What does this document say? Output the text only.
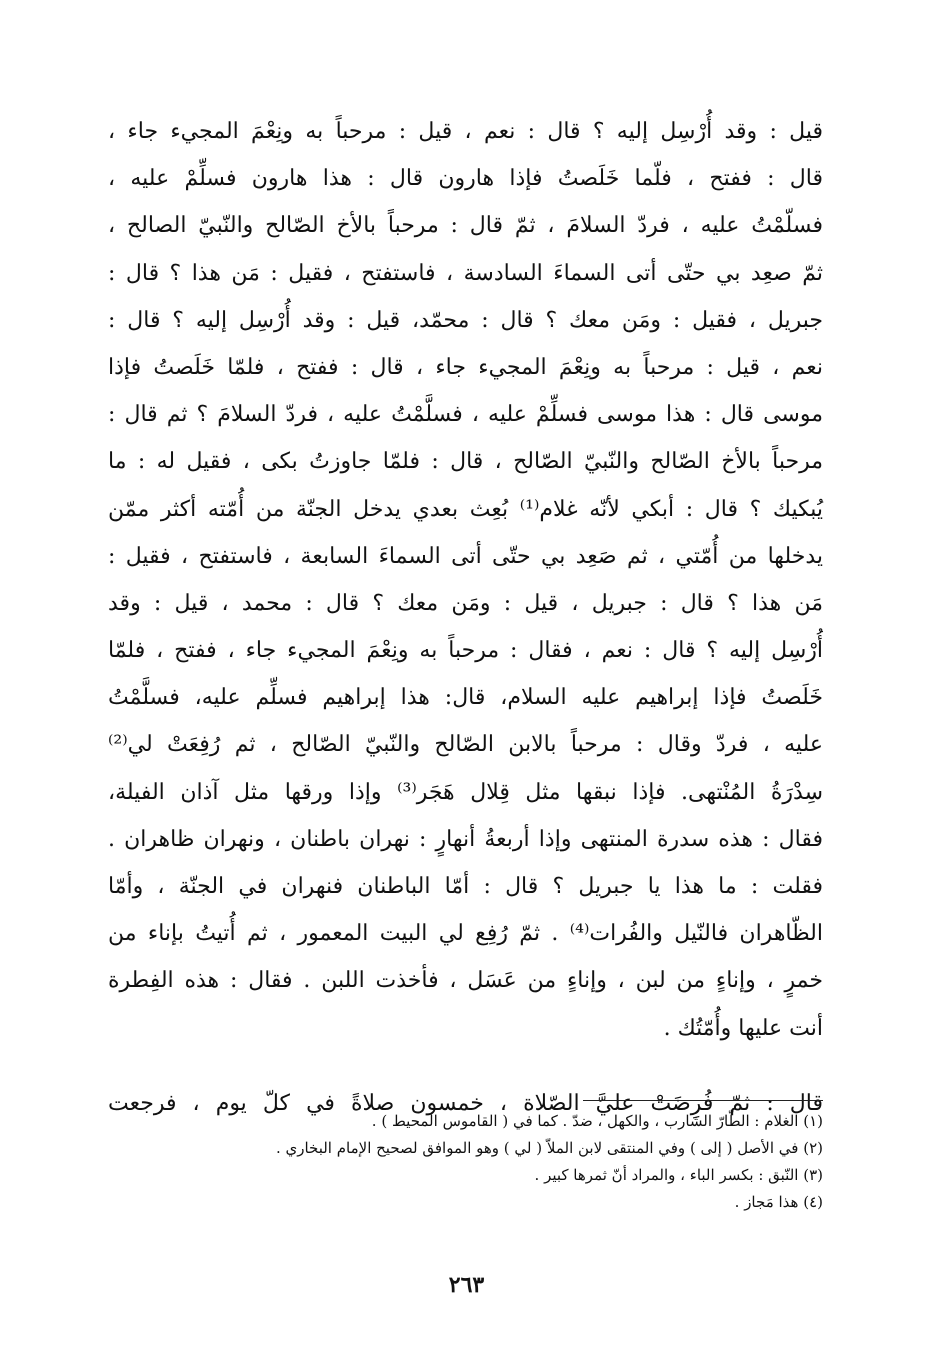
قيل : وقد أُرْسِل إليه ؟ قال : نعم ، قيل : مرحباً به ونِعْمَ المجيء جاء ،
قال : ففتح ، فلّما خَلَصتُ فإذا هارون قال : هذا هارون فسلِّمْ عليه ،
فسلّمْتُ عليه ، فردّ السلامَ ، ثمّ قال : مرحباً بالأخ الصّالح والنّبيّ الصالح ،
ثمّ صعِد بي حتّى أتى السماءَ السادسة ، فاستفتح ، فقيل : مَن هذا ؟ قال :
جبريل ، فقيل : ومَن معك ؟ قال : محمّد، قيل : وقد أُرْسِل إليه ؟ قال :
نعم ، قيل : مرحباً به ونِعْمَ المجيء جاء ، قال : ففتح ، فلمّا خَلَصتُ فإذا
موسى قال : هذا موسى فسلِّمْ عليه ، فسلَّمْتُ عليه ، فردّ السلامَ ؟ ثم قال :
مرحباً بالأخ الصّالح والنّبيّ الصّالح ، قال : فلمّا جاوزتُ بكى ، فقيل له : ما
يُبكيك ؟ قال : أبكي لأنّه غلام⁽¹⁾ بُعِث بعدي يدخل الجنّة من أُمّته أكثر ممّن
يدخلها من أُمّتي ، ثم صَعِد بي حتّى أتى السماءَ السابعة ، فاستفتح ، فقيل :
مَن هذا ؟ قال : جبريل ، قيل : ومَن معك ؟ قال : محمد ، قيل : وقد
أُرْسِل إليه ؟ قال : نعم ، فقال : مرحباً به ونِعْمَ المجيء جاء ، ففتح ، فلمّا
خَلَصتُ فإذا إبراهيم عليه السلام، قال: هذا إبراهيم فسلِّم عليه، فسلَّمْتُ
عليه ، فردّ وقال : مرحباً بالابن الصّالح والنّبيّ الصّالح ، ثم رُفِعَتْ لي⁽²⁾
سِدْرَةُ المُنْتهى. فإذا نبقها مثل قِلال هَجَر⁽³⁾ وإذا ورقها مثل آذان الفيلة،
فقال : هذه سدرة المنتهى وإذا أربعةُ أنهارٍ : نهران باطنان ، ونهران ظاهران .
فقلت : ما هذا يا جبريل ؟ قال : أمّا الباطنان فنهران في الجنّة ، وأمّا
الظّاهران فالنّيل والفُرات⁽⁴⁾ . ثمّ رُفِع لي البيت المعمور ، ثم أُتيتُ بإناء من
خمرٍ ، وإناءٍ من لبن ، وإناءٍ من عَسَل ، فأخذت اللبن . فقال : هذه الفِطرة
أنت عليها وأُمّتُك .
قال : ثمّ فُرِضَتْ عليَّ الصّلاة ، خمسون صلاةً في كلّ يوم ، فرجعت
(١) الغلام : الطّارّ الشارب ، والكهل ، ضدّ . كما في ( القاموس المحيط ) .
(٢) في الأصل ( إلى ) وفي المنتقى لابن الملاّ ( لي ) وهو الموافق لصحيح الإمام البخاري .
(٣) النّبق : بكسر الباء ، والمراد أنّ ثمرها كبير .
(٤) هذا مَجاز .
٢٦٣
